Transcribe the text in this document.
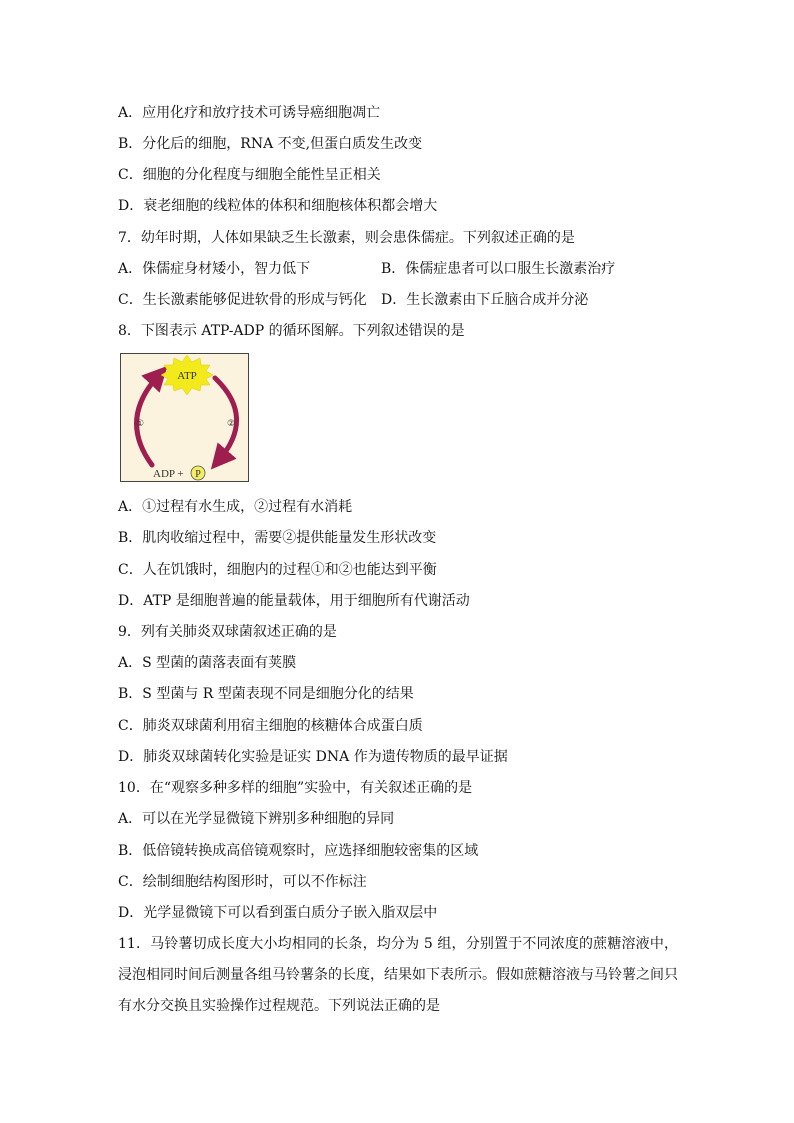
A．应用化疗和放疗技术可诱导癌细胞凋亡
B．分化后的细胞，RNA 不变,但蛋白质发生改变
C．细胞的分化程度与细胞全能性呈正相关
D．衰老细胞的线粒体的体积和细胞核体积都会增大
7．幼年时期，人体如果缺乏生长激素，则会患侏儒症。下列叙述正确的是
A．侏儒症身材矮小，智力低下	B．侏儒症患者可以口服生长激素治疗
C．生长激素能够促进软骨的形成与钙化 D．生长激素由下丘脑合成并分泌
8．下图表示 ATP-ADP 的循环图解。下列叙述错误的是
ATP
①	②
ADP + P
A．①过程有水生成，②过程有水消耗
B．肌肉收缩过程中，需要②提供能量发生形状改变
C．人在饥饿时，细胞内的过程①和②也能达到平衡
D．ATP 是细胞普遍的能量载体，用于细胞所有代谢活动
9．列有关肺炎双球菌叙述正确的是
A．S 型菌的菌落表面有荚膜
B．S 型菌与 R 型菌表现不同是细胞分化的结果
C．肺炎双球菌利用宿主细胞的核糖体合成蛋白质
D．肺炎双球菌转化实验是证实 DNA 作为遗传物质的最早证据
10．在“观察多种多样的细胞”实验中，有关叙述正确的是
A．可以在光学显微镜下辨别多种细胞的异同
B．低倍镜转换成高倍镜观察时，应选择细胞较密集的区域
C．绘制细胞结构图形时，可以不作标注
D．光学显微镜下可以看到蛋白质分子嵌入脂双层中
11．马铃薯切成长度大小均相同的长条，均分为 5 组，分别置于不同浓度的蔗糖溶液中，浸泡相同时间后测量各组马铃薯条的长度，结果如下表所示。假如蔗糖溶液与马铃薯之间只有水分交换且实验操作过程规范。下列说法正确的是
